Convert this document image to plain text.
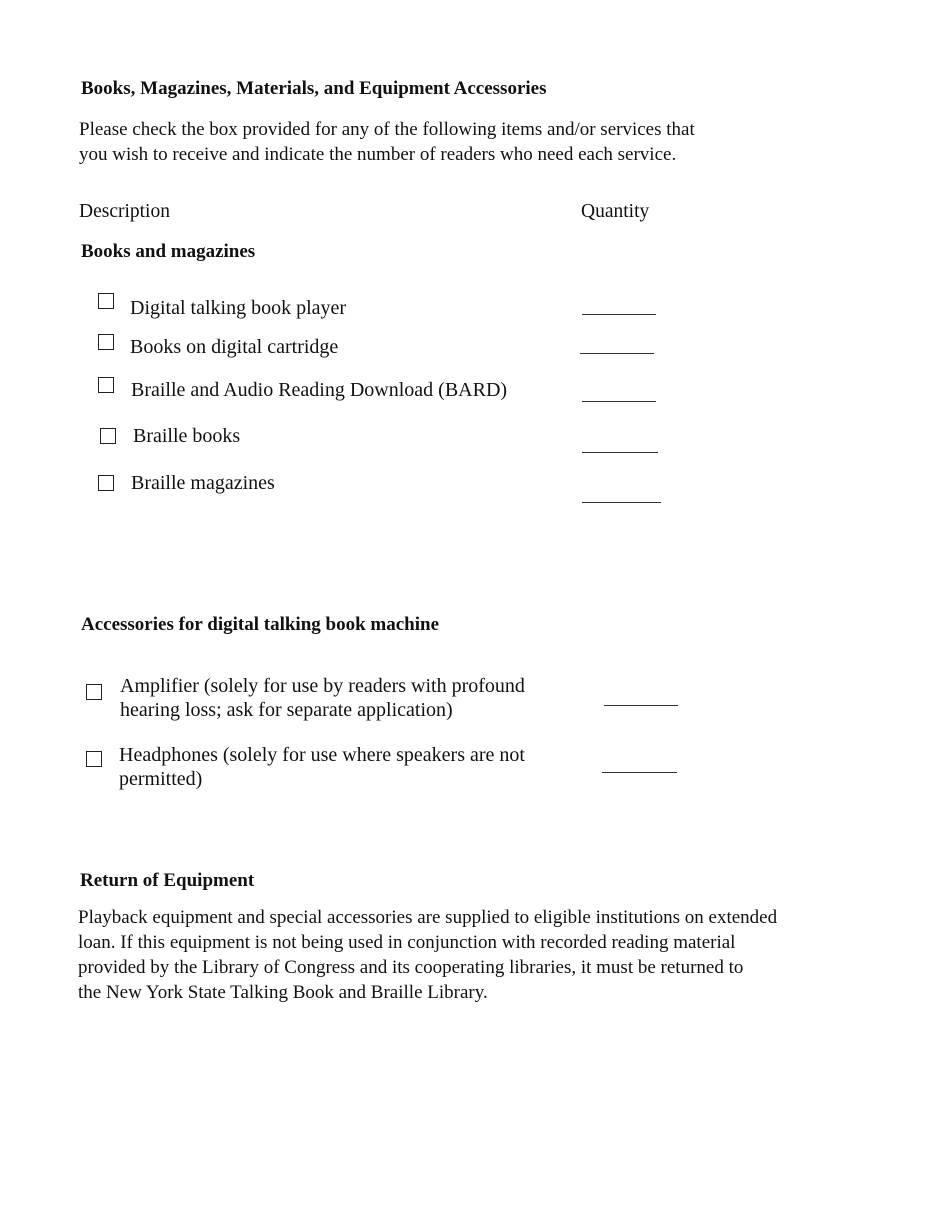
Books, Magazines, Materials, and Equipment Accessories
Please check the box provided for any of the following items and/or services that
you wish to receive and indicate the number of readers who need each service.
Description	Quantity
Books and magazines
Digital talking book player
Books on digital cartridge
Braille and Audio Reading Download (BARD)
Braille books
Braille magazines
Accessories for digital talking book machine
Amplifier (solely for use by readers with profound
hearing loss; ask for separate application)
Headphones (solely for use where speakers are not
permitted)
Return of Equipment
Playback equipment and special accessories are supplied to eligible institutions on extended
loan. If this equipment is not being used in conjunction with recorded reading material
provided by the Library of Congress and its cooperating libraries, it must be returned to
the New York State Talking Book and Braille Library.
